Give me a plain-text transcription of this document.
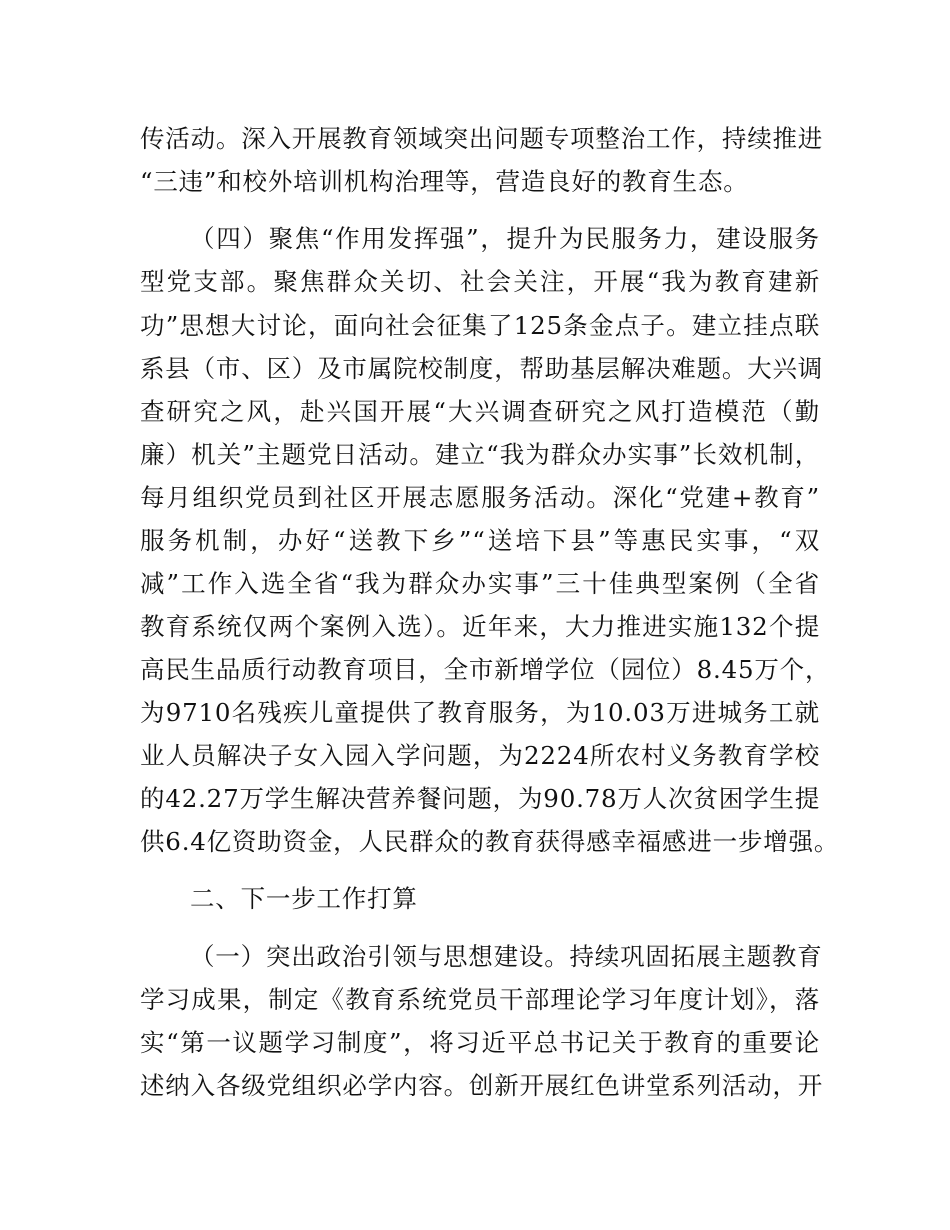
传活动。深入开展教育领域突出问题专项整治工作，持续推进
“三违”和校外培训机构治理等，营造良好的教育生态。
（四）聚焦“作用发挥强”，提升为民服务力，建设服务
型党支部。聚焦群众关切、社会关注，开展“我为教育建新
功”思想大讨论，面向社会征集了125条金点子。建立挂点联
系县（市、区）及市属院校制度，帮助基层解决难题。大兴调
查研究之风，赴兴国开展“大兴调查研究之风打造模范（勤
廉）机关”主题党日活动。建立“我为群众办实事”长效机制，
每月组织党员到社区开展志愿服务活动。深化“党建+教育”
服务机制，办好“送教下乡”“送培下县”等惠民实事，“双
减”工作入选全省“我为群众办实事”三十佳典型案例（全省
教育系统仅两个案例入选）。近年来，大力推进实施132个提
高民生品质行动教育项目，全市新增学位（园位）8.45万个，
为9710名残疾儿童提供了教育服务，为10.03万进城务工就
业人员解决子女入园入学问题，为2224所农村义务教育学校
的42.27万学生解决营养餐问题，为90.78万人次贫困学生提
供6.4亿资助资金，人民群众的教育获得感幸福感进一步增强。
二、下一步工作打算
（一）突出政治引领与思想建设。持续巩固拓展主题教育
学习成果，制定《教育系统党员干部理论学习年度计划》，落
实“第一议题学习制度”，将习近平总书记关于教育的重要论
述纳入各级党组织必学内容。创新开展红色讲堂系列活动，开
